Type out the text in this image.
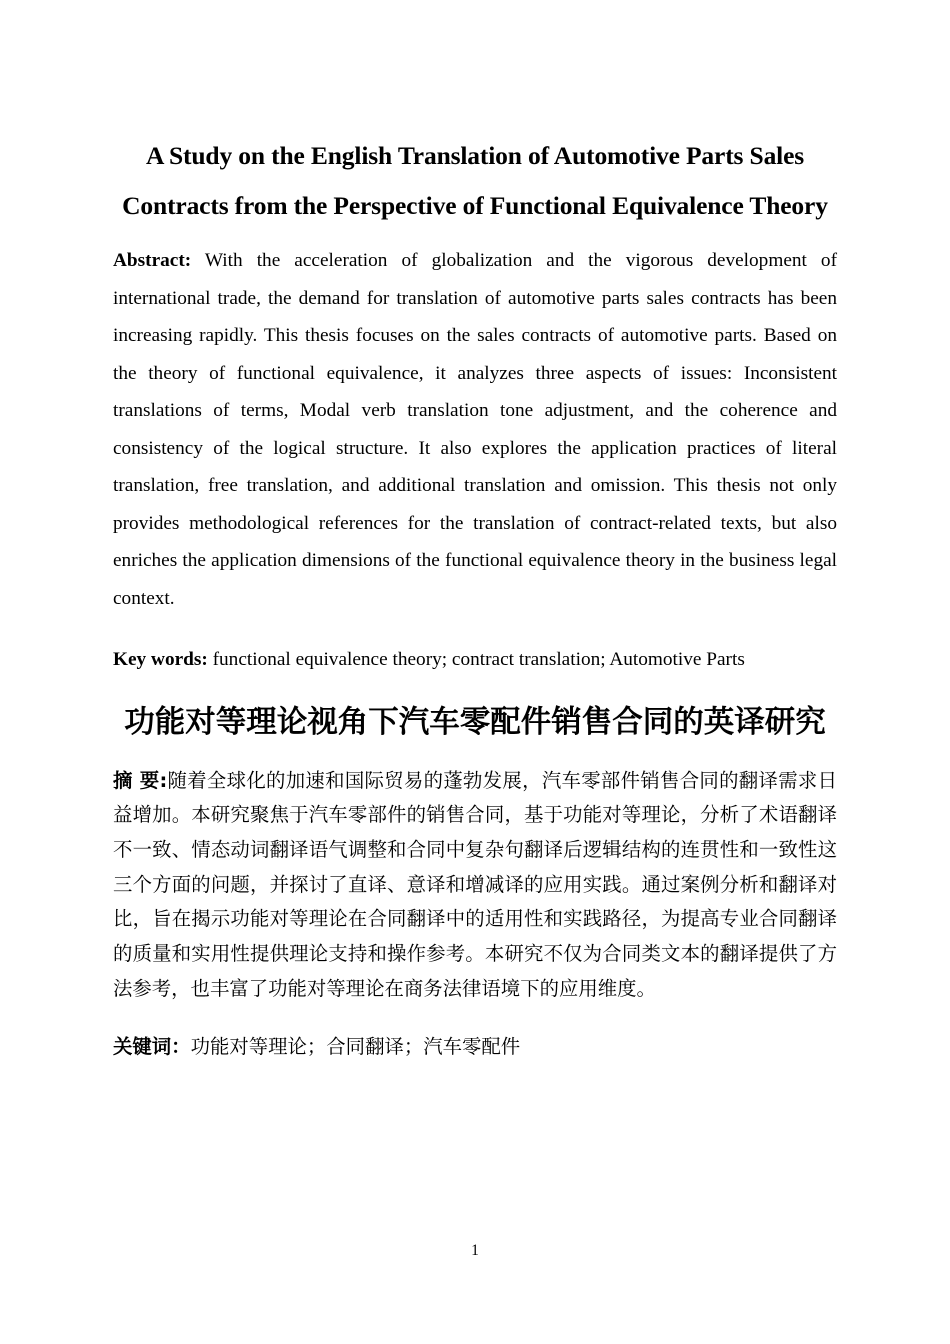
A Study on the English Translation of Automotive Parts Sales Contracts from the Perspective of Functional Equivalence Theory

Abstract: With the acceleration of globalization and the vigorous development of international trade, the demand for translation of automotive parts sales contracts has been increasing rapidly. This thesis focuses on the sales contracts of automotive parts. Based on the theory of functional equivalence, it analyzes three aspects of issues: Inconsistent translations of terms, Modal verb translation tone adjustment, and the coherence and consistency of the logical structure. It also explores the application practices of literal translation, free translation, and additional translation and omission. This thesis not only provides methodological references for the translation of contract-related texts, but also enriches the application dimensions of the functional equivalence theory in the business legal context.

Key words: functional equivalence theory; contract translation; Automotive Parts

功能对等理论视角下汽车零配件销售合同的英译研究

摘 要:随着全球化的加速和国际贸易的蓬勃发展，汽车零部件销售合同的翻译需求日益增加。本研究聚焦于汽车零部件的销售合同，基于功能对等理论，分析了术语翻译不一致、情态动词翻译语气调整和合同中复杂句翻译后逻辑结构的连贯性和一致性这三个方面的问题，并探讨了直译、意译和增减译的应用实践。通过案例分析和翻译对比，旨在揭示功能对等理论在合同翻译中的适用性和实践路径，为提高专业合同翻译的质量和实用性提供理论支持和操作参考。本研究不仅为合同类文本的翻译提供了方法参考，也丰富了功能对等理论在商务法律语境下的应用维度。

关键词：功能对等理论；合同翻译；汽车零配件

1
